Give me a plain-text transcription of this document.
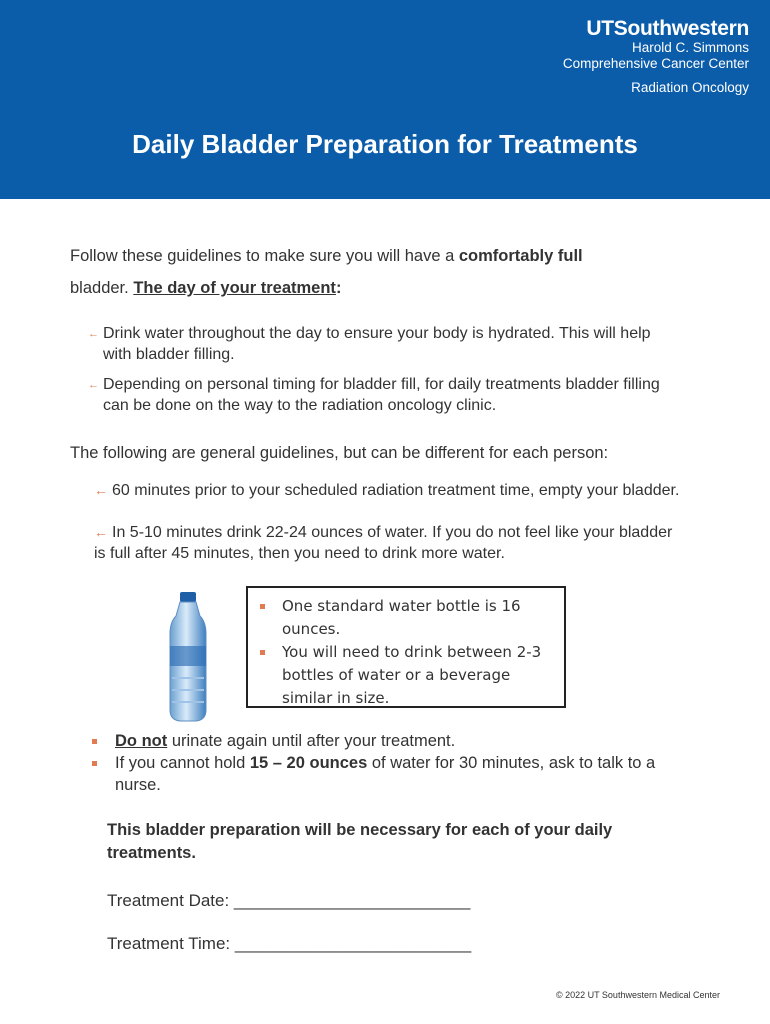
UTSouthwestern
Harold C. Simmons
Comprehensive Cancer Center
Radiation Oncology
Daily Bladder Preparation for Treatments
Follow these guidelines to make sure you will have a comfortably full
bladder. The day of your treatment:
← Drink water throughout the day to ensure your body is hydrated. This will help with bladder filling.
← Depending on personal timing for bladder fill, for daily treatments bladder filling can be done on the way to the radiation oncology clinic.
The following are general guidelines, but can be different for each person:
← 60 minutes prior to your scheduled radiation treatment time, empty your bladder.
← In 5-10 minutes drink 22-24 ounces of water. If you do not feel like your bladder is full after 45 minutes, then you need to drink more water.
One standard water bottle is 16 ounces.
You will need to drink between 2-3 bottles of water or a beverage similar in size.
Do not urinate again until after your treatment.
If you cannot hold 15 – 20 ounces of water for 30 minutes, ask to talk to a nurse.
This bladder preparation will be necessary for each of your daily treatments.
Treatment Date: _________________________
Treatment Time: _________________________
© 2022 UT Southwestern Medical Center
